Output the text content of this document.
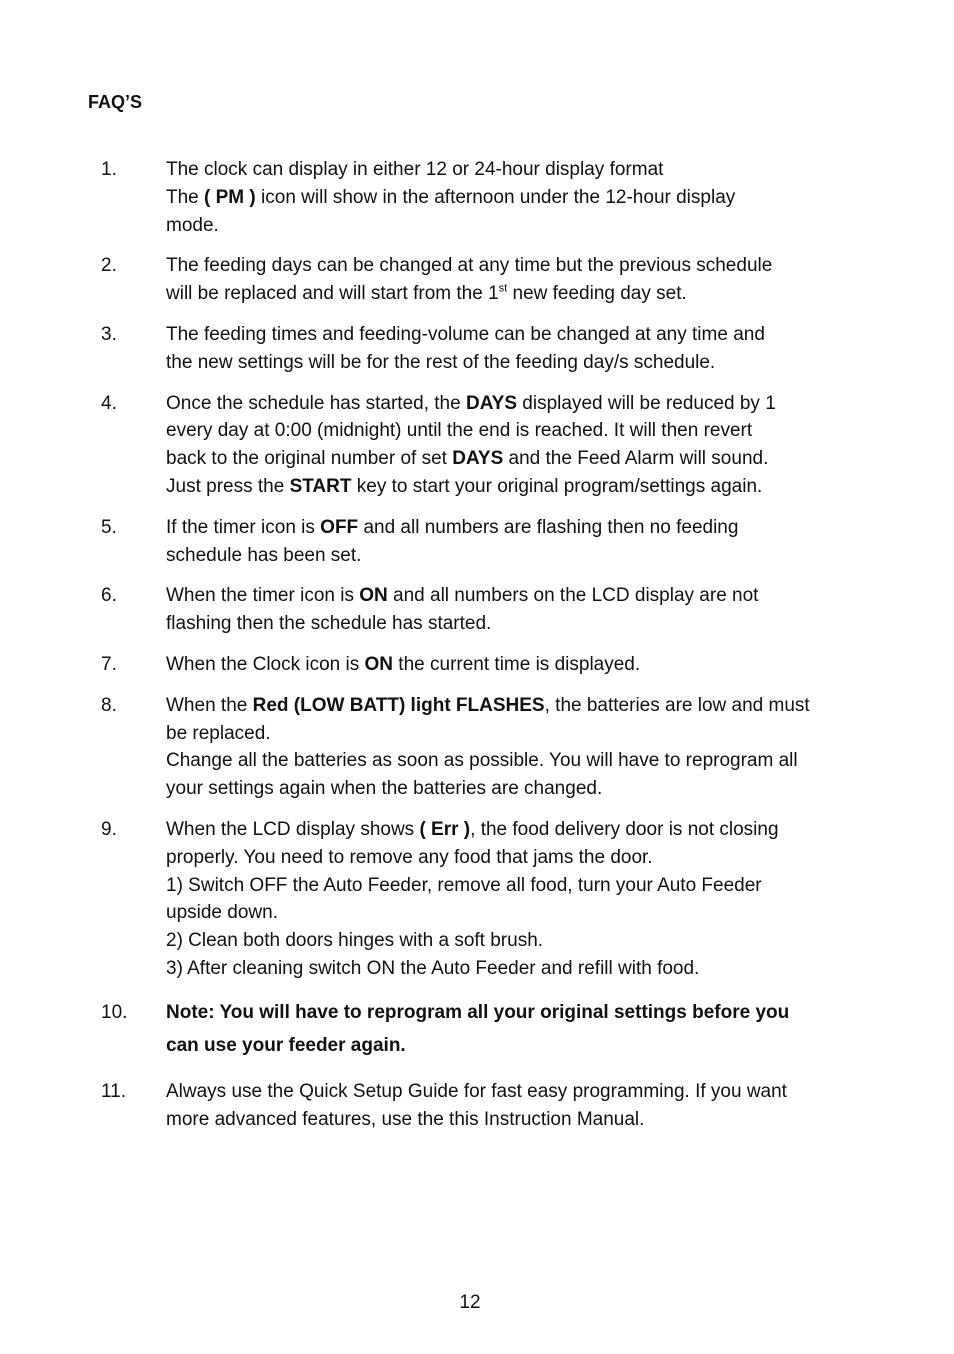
FAQ’S
1.	The clock can display in either 12 or 24-hour display format
The ( PM ) icon will show in the afternoon under the 12-hour display
mode.
2.	The feeding days can be changed at any time but the previous schedule
will be replaced and will start from the 1st new feeding day set.
3.	The feeding times and feeding-volume can be changed at any time and
the new settings will be for the rest of the feeding day/s schedule.
4.	Once the schedule has started, the DAYS displayed will be reduced by 1
every day at 0:00 (midnight) until the end is reached. It will then revert
back to the original number of set DAYS and the Feed Alarm will sound.
Just press the START key to start your original program/settings again.
5.	If the timer icon is OFF and all numbers are flashing then no feeding
schedule has been set.
6.	When the timer icon is ON and all numbers on the LCD display are not
flashing then the schedule has started.
7.	When the Clock icon is ON the current time is displayed.
8.	When the Red (LOW BATT) light FLASHES, the batteries are low and must
be replaced.
Change all the batteries as soon as possible. You will have to reprogram all
your settings again when the batteries are changed.
9.	When the LCD display shows ( Err ), the food delivery door is not closing
properly. You need to remove any food that jams the door.
1) Switch OFF the Auto Feeder, remove all food, turn your Auto Feeder
upside down.
2) Clean both doors hinges with a soft brush.
3) After cleaning switch ON the Auto Feeder and refill with food.
10. Note: You will have to reprogram all your original settings before you
can use your feeder again.
11. Always use the Quick Setup Guide for fast easy programming. If you want
more advanced features, use the this Instruction Manual.
12
